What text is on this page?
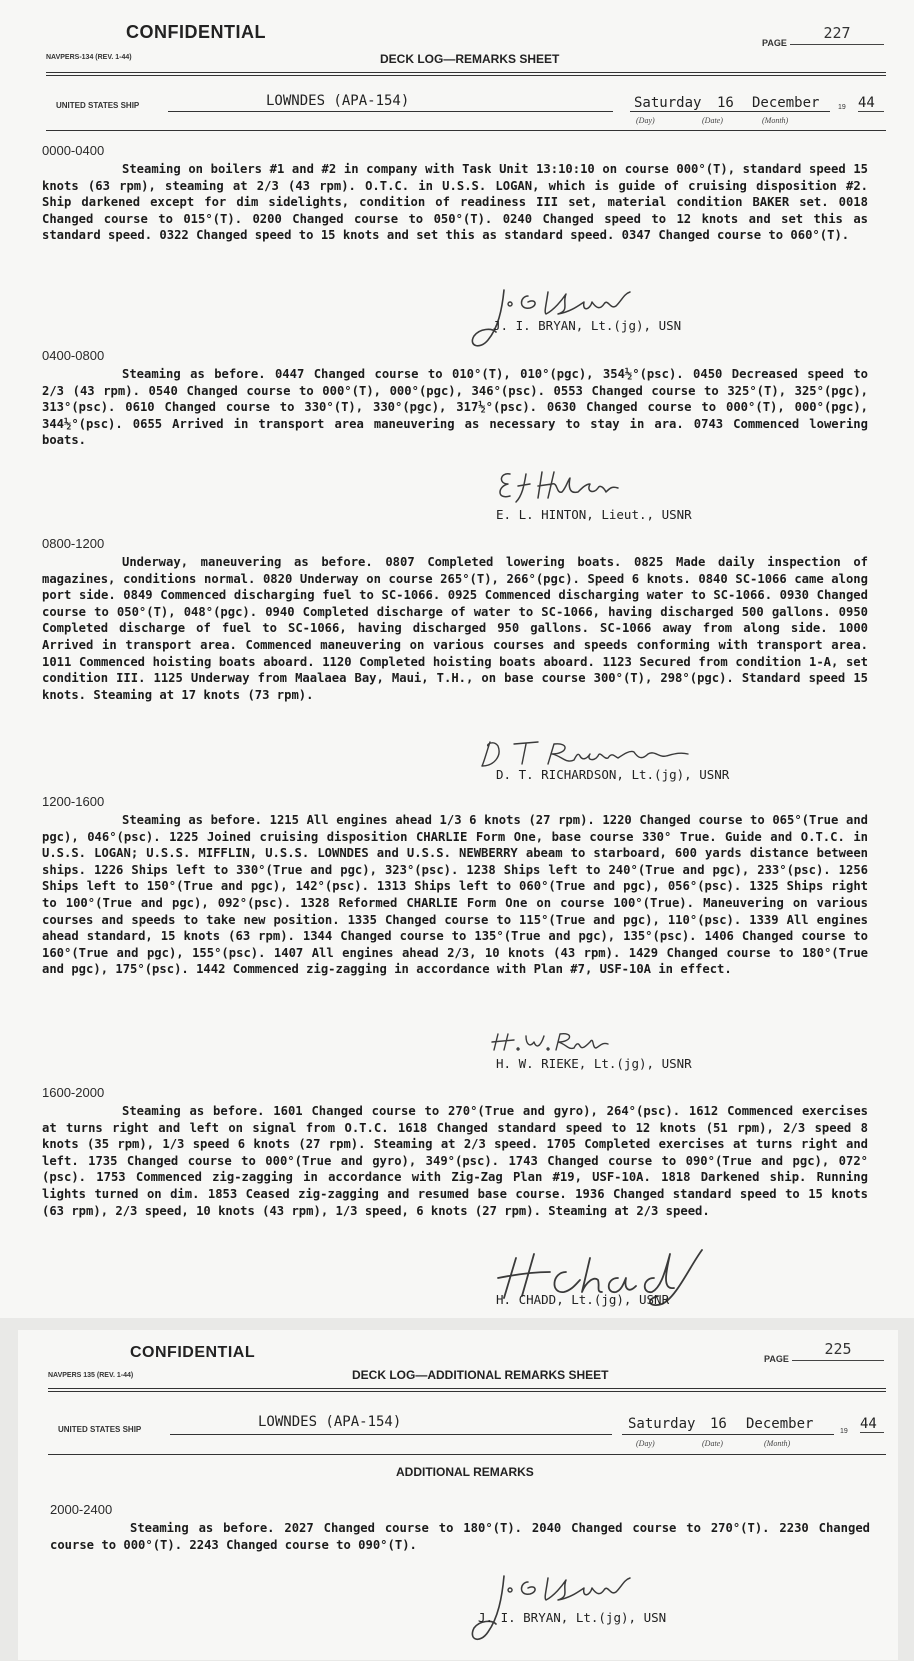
CONFIDENTIAL
NAVPERS-134 (REV. 1-44)	DECK LOG—REMARKS SHEET
PAGE
227
UNITED STATES SHIP	LOWNDES (APA-154)	Saturday 16 December
(Day)	(Date)	(Month)
19 44
0000-0400

Steaming on boilers #1 and #2 in company with Task Unit 13:10:10 on course 000°(T), standard speed 15 knots (63 rpm), steaming at 2/3 (43 rpm). O.T.C. in U.S.S. LOGAN, which is guide of cruising disposition #2. Ship darkened except for dim sidelights, condition of readiness III set, material condition BAKER set. 0018 Changed course to 015°(T). 0200 Changed course to 050°(T). 0240 Changed speed to 12 knots and set this as standard speed. 0322 Changed speed to 15 knots and set this as standard speed. 0347 Changed course to 060°(T).

J. I. BRYAN, Lt.(jg), USN
0400-0800

Steaming as before. 0447 Changed course to 010°(T), 010°(pgc), 354½°(psc). 0450 Decreased speed to 2/3 (43 rpm). 0540 Changed course to 000°(T), 000°(pgc), 346°(psc). 0553 Changed course to 325°(T), 325°(pgc), 313°(psc). 0610 Changed course to 330°(T), 330°(pgc), 317½°(psc). 0630 Changed course to 000°(T), 000°(pgc), 344½°(psc). 0655 Arrived in transport area maneuvering as necessary to stay in ara. 0743 Commenced lowering boats.

E. L. HINTON, Lieut., USNR
0800-1200

Underway, maneuvering as before. 0807 Completed lowering boats. 0825 Made daily inspection of magazines, conditions normal. 0820 Underway on course 265°(T), 266°(pgc). Speed 6 knots. 0840 SC-1066 came along port side. 0849 Commenced discharging fuel to SC-1066. 0925 Commenced discharging water to SC-1066. 0930 Changed course to 050°(T), 048°(pgc). 0940 Completed discharge of water to SC-1066, having discharged 500 gallons. 0950 Completed discharge of fuel to SC-1066, having discharged 950 gallons. SC-1066 away from along side. 1000 Arrived in transport area. Commenced maneuvering on various courses and speeds conforming with transport area. 1011 Commenced hoisting boats aboard. 1120 Completed hoisting boats aboard. 1123 Secured from condition 1-A, set condition III. 1125 Underway from Maalaea Bay, Maui, T.H., on base course 300°(T), 298°(pgc). Standard speed 15 knots. Steaming at 17 knots (73 rpm).

D. T. RICHARDSON, Lt.(jg), USNR
1200-1600

Steaming as before. 1215 All engines ahead 1/3 6 knots (27 rpm). 1220 Changed course to 065°(True and pgc), 046°(psc). 1225 Joined cruising disposition CHARLIE Form One, base course 330° True. Guide and O.T.C. in U.S.S. LOGAN; U.S.S. MIFFLIN, U.S.S. LOWNDES and U.S.S. NEWBERRY abeam to starboard, 600 yards distance between ships. 1226 Ships left to 330°(True and pgc), 323°(psc). 1238 Ships left to 240°(True and pgc), 233°(psc). 1256 Ships left to 150°(True and pgc), 142°(psc). 1313 Ships left to 060°(True and pgc), 056°(psc). 1325 Ships right to 100°(True and pgc), 092°(psc). 1328 Reformed CHARLIE Form One on course 100°(True). Maneuvering on various courses and speeds to take new position. 1335 Changed course to 115°(True and pgc), 110°(psc). 1339 All engines ahead standard, 15 knots (63 rpm). 1344 Changed course to 135°(True and pgc), 135°(psc). 1406 Changed course to 160°(True and pgc), 155°(psc). 1407 All engines ahead 2/3, 10 knots (43 rpm). 1429 Changed course to 180°(True and pgc), 175°(psc). 1442 Commenced zig-zagging in accordance with Plan #7, USF-10A in effect.

H. W. RIEKE, Lt.(jg), USNR
1600-2000

Steaming as before. 1601 Changed course to 270°(True and gyro), 264°(psc). 1612 Commenced exercises at turns right and left on signal from O.T.C. 1618 Changed standard speed to 12 knots (51 rpm), 2/3 speed 8 knots (35 rpm), 1/3 speed 6 knots (27 rpm). Steaming at 2/3 speed. 1705 Completed exercises at turns right and left. 1735 Changed course to 000°(True and gyro), 349°(psc). 1743 Changed course to 090°(True and pgc), 072°(psc). 1753 Commenced zig-zagging in accordance with Zig-Zag Plan #19, USF-10A. 1818 Darkened ship. Running lights turned on dim. 1853 Ceased zig-zagging and resumed base course. 1936 Changed standard speed to 15 knots (63 rpm), 2/3 speed, 10 knots (43 rpm), 1/3 speed, 6 knots (27 rpm). Steaming at 2/3 speed.

H. CHADD, Lt.(jg), USNR
CONFIDENTIAL
NAVPERS 135 (REV. 1-44)	DECK LOG—ADDITIONAL REMARKS SHEET
PAGE
225
UNITED STATES SHIP	LOWNDES (APA-154)	Saturday 16 December
(Day)	(Date)	(Month)
19 44
ADDITIONAL REMARKS
2000-2400

Steaming as before. 2027 Changed course to 180°(T). 2040 Changed course to 270°(T). 2230 Changed course to 000°(T). 2243 Changed course to 090°(T).

J. I. BRYAN, Lt.(jg), USN
